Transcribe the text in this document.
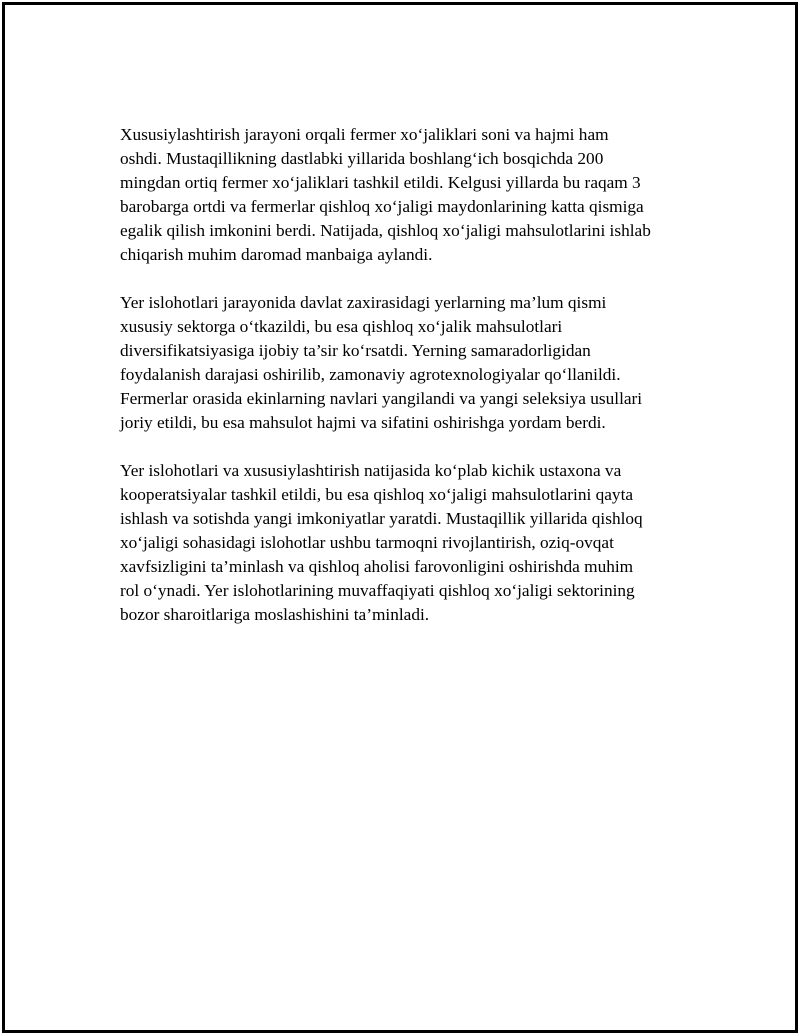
Xususiylashtirish jarayoni orqali fermer xo‘jaliklari soni va hajmi ham
oshdi. Mustaqillikning dastlabki yillarida boshlang‘ich bosqichda 200
mingdan ortiq fermer xo‘jaliklari tashkil etildi. Kelgusi yillarda bu raqam 3
barobarga ortdi va fermerlar qishloq xo‘jaligi maydonlarining katta qismiga
egalik qilish imkonini berdi. Natijada, qishloq xo‘jaligi mahsulotlarini ishlab
chiqarish muhim daromad manbaiga aylandi.

Yer islohotlari jarayonida davlat zaxirasidagi yerlarning ma’lum qismi
xususiy sektorga o‘tkazildi, bu esa qishloq xo‘jalik mahsulotlari
diversifikatsiyasiga ijobiy ta’sir ko‘rsatdi. Yerning samaradorligidan
foydalanish darajasi oshirilib, zamonaviy agrotexnologiyalar qo‘llanildi.
Fermerlar orasida ekinlarning navlari yangilandi va yangi seleksiya usullari
joriy etildi, bu esa mahsulot hajmi va sifatini oshirishga yordam berdi.

Yer islohotlari va xususiylashtirish natijasida ko‘plab kichik ustaxona va
kooperatsiyalar tashkil etildi, bu esa qishloq xo‘jaligi mahsulotlarini qayta
ishlash va sotishda yangi imkoniyatlar yaratdi. Mustaqillik yillarida qishloq
xo‘jaligi sohasidagi islohotlar ushbu tarmoqni rivojlantirish, oziq-ovqat
xavfsizligini ta’minlash va qishloq aholisi farovonligini oshirishda muhim
rol o‘ynadi. Yer islohotlarining muvaffaqiyati qishloq xo‘jaligi sektorining
bozor sharoitlariga moslashishini ta’minladi.
